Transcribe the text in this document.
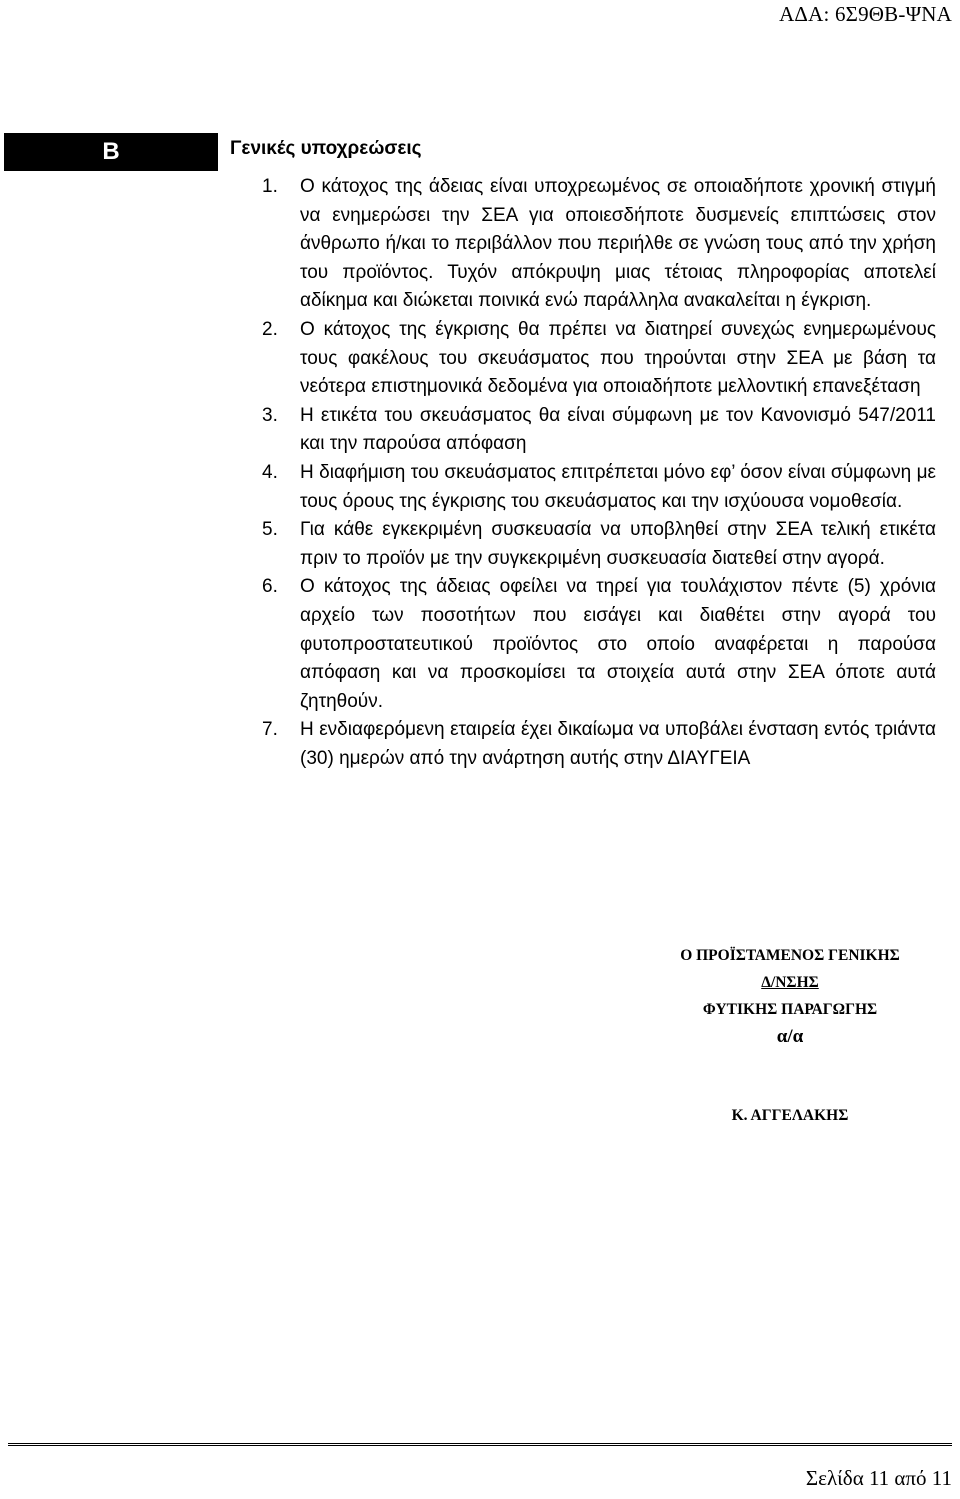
ΑΔΑ: 6Σ9ΘΒ-ΨΝΑ
Β	Γενικές υποχρεώσεις
1. Ο κάτοχος της άδειας είναι υποχρεωμένος σε οποιαδήποτε χρονική στιγμή να ενημερώσει την ΣΕΑ για οποιεσδήποτε δυσμενείς επιπτώσεις στον άνθρωπο ή/και το περιβάλλον που περιήλθε σε γνώση τους από την χρήση του προϊόντος. Τυχόν απόκρυψη μιας τέτοιας πληροφορίας αποτελεί αδίκημα και διώκεται ποινικά ενώ παράλληλα ανακαλείται η έγκριση.
2. Ο κάτοχος της έγκρισης θα πρέπει να διατηρεί συνεχώς ενημερωμένους τους φακέλους του σκευάσματος που τηρούνται στην ΣΕΑ με βάση τα νεότερα επιστημονικά δεδομένα για οποιαδήποτε μελλοντική επανεξέταση
3. Η ετικέτα του σκευάσματος θα είναι σύμφωνη με τον Κανονισμό 547/2011 και την παρούσα απόφαση
4. Η διαφήμιση του σκευάσματος επιτρέπεται μόνο εφ’ όσον είναι σύμφωνη με τους όρους της έγκρισης του σκευάσματος και την ισχύουσα νομοθεσία.
5. Για κάθε εγκεκριμένη συσκευασία να υποβληθεί στην ΣΕΑ τελική ετικέτα πριν το προϊόν με την συγκεκριμένη συσκευασία διατεθεί στην αγορά.
6. Ο κάτοχος της άδειας οφείλει να τηρεί για τουλάχιστον πέντε (5) χρόνια αρχείο των ποσοτήτων που εισάγει και διαθέτει στην αγορά του φυτοπροστατευτικού προϊόντος στο οποίο αναφέρεται η παρούσα απόφαση και να προσκομίσει τα στοιχεία αυτά στην ΣΕΑ όποτε αυτά ζητηθούν.
7. Η ενδιαφερόμενη εταιρεία έχει δικαίωμα να υποβάλει ένσταση εντός τριάντα (30) ημερών από την ανάρτηση αυτής στην ΔΙΑΥΓΕΙΑ
Ο ΠΡΟΪΣΤΑΜΕΝΟΣ ΓΕΝΙΚΗΣ
Δ/ΝΣΗΣ
ΦΥΤΙΚΗΣ ΠΑΡΑΓΩΓΗΣ
α/α
Κ. ΑΓΓΕΛΑΚΗΣ
Σελίδα 11 από 11
